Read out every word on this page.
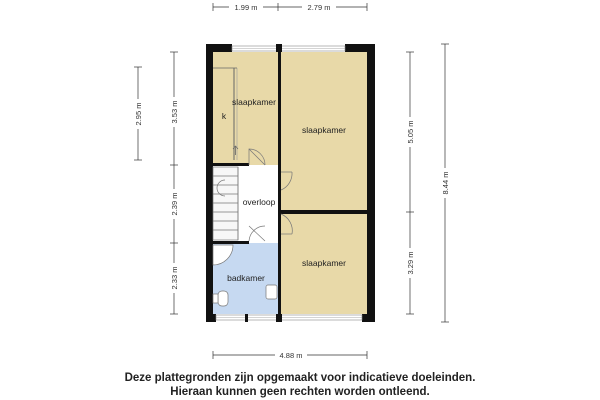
slaapkamer
k
slaapkamer
overloop
badkamer
slaapkamer
1.99 m	2.79 m
4.88 m
2.95 m	3.53 m
2.39 m
2.33 m
5.05 m
3.29 m
8.44 m
Deze plattegronden zijn opgemaakt voor indicatieve doeleinden.
Hieraan kunnen geen rechten worden ontleend.
